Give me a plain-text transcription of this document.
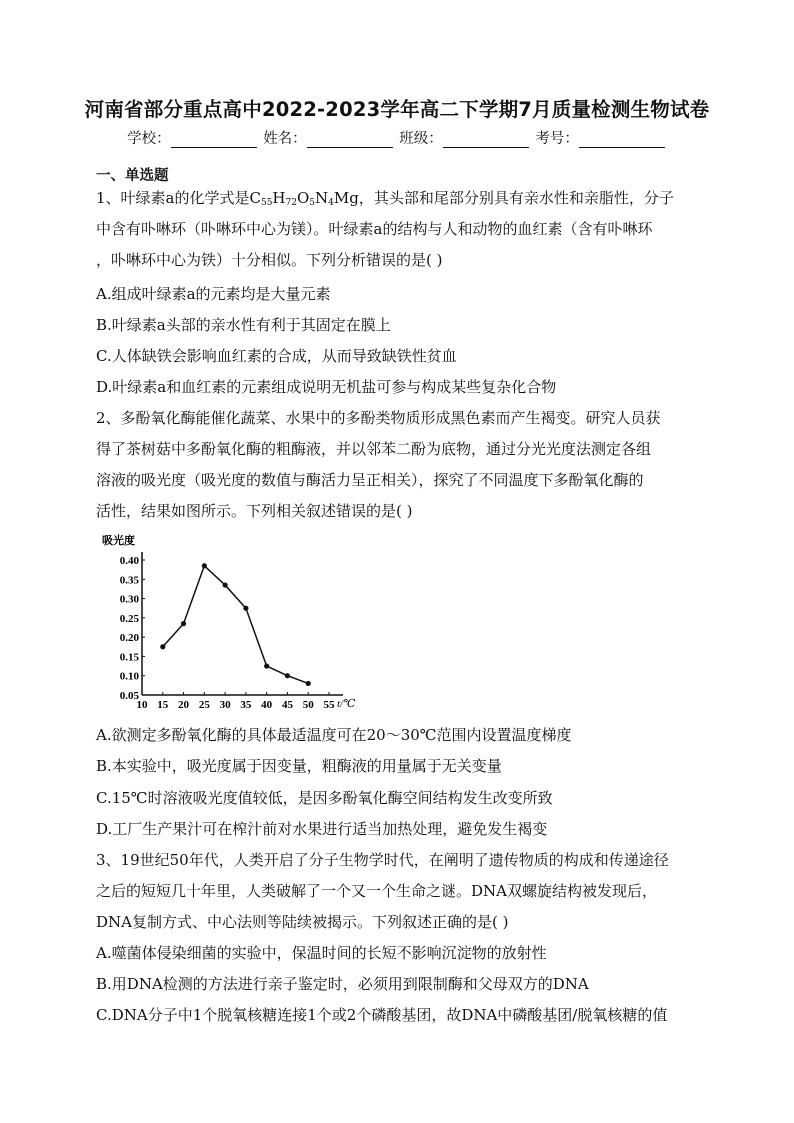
河南省部分重点高中2022-2023学年高二下学期7月质量检测生物试卷
学校：	姓名：	班级：	考号：
一、单选题
1、叶绿素a的化学式是$C_{55}H_{72}O_5N_4Mg$，其头部和尾部分别具有亲水性和亲脂性，分子
中含有卟啉环（卟啉环中心为镁）。叶绿素a的结构与人和动物的血红素（含有卟啉环
，卟啉环中心为铁）十分相似。下列分析错误的是( )
A.组成叶绿素a的元素均是大量元素
B.叶绿素a头部的亲水性有利于其固定在膜上
C.人体缺铁会影响血红素的合成，从而导致缺铁性贫血
D.叶绿素a和血红素的元素组成说明无机盐可参与构成某些复杂化合物
2、多酚氧化酶能催化蔬菜、水果中的多酚类物质形成黑色素而产生褐变。研究人员获
得了茶树菇中多酚氧化酶的粗酶液，并以邻苯二酚为底物，通过分光光度法测定各组
溶液的吸光度（吸光度的数值与酶活力呈正相关），探究了不同温度下多酚氧化酶的
活性，结果如图所示。下列相关叙述错误的是( )
吸光度
0.05
0.10
0.15
0.20
0.25
0.30
0.35
0.40
10 15 20 25 30 35 40 45 50 55 t/℃
A.欲测定多酚氧化酶的具体最适温度可在20～30℃范围内设置温度梯度
B.本实验中，吸光度属于因变量，粗酶液的用量属于无关变量
C.15℃时溶液吸光度值较低，是因多酚氧化酶空间结构发生改变所致
D.工厂生产果汁可在榨汁前对水果进行适当加热处理，避免发生褐变
3、19世纪50年代，人类开启了分子生物学时代，在阐明了遗传物质的构成和传递途径
之后的短短几十年里，人类破解了一个又一个生命之谜。DNA双螺旋结构被发现后，
DNA复制方式、中心法则等陆续被揭示。下列叙述正确的是( )
A.噬菌体侵染细菌的实验中，保温时间的长短不影响沉淀物的放射性
B.用DNA检测的方法进行亲子鉴定时，必须用到限制酶和父母双方的DNA
C.DNA分子中1个脱氧核糖连接1个或2个磷酸基团，故DNA中磷酸基团/脱氧核糖的值
